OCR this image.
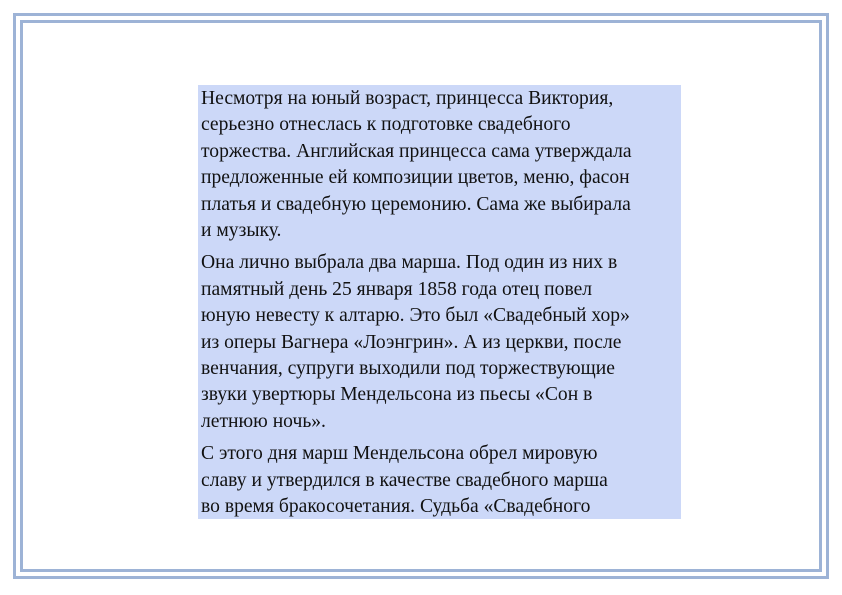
Несмотря на юный возраст, принцесса Виктория,
серьезно отнеслась к подготовке свадебного
торжества. Английская принцесса сама утверждала
предложенные ей композиции цветов, меню, фасон
платья и свадебную церемонию. Сама же выбирала
и музыку.

Она лично выбрала два марша. Под один из них в
памятный день 25 января 1858 года отец повел
юную невесту к алтарю. Это был «Свадебный хор»
из оперы Вагнера «Лоэнгрин». А из церкви, после
венчания, супруги выходили под торжествующие
звуки увертюры Мендельсона из пьесы «Сон в
летнюю ночь».

С этого дня марш Мендельсона обрел мировую
славу и утвердился в качестве свадебного марша
во время бракосочетания. Судьба «Свадебного
